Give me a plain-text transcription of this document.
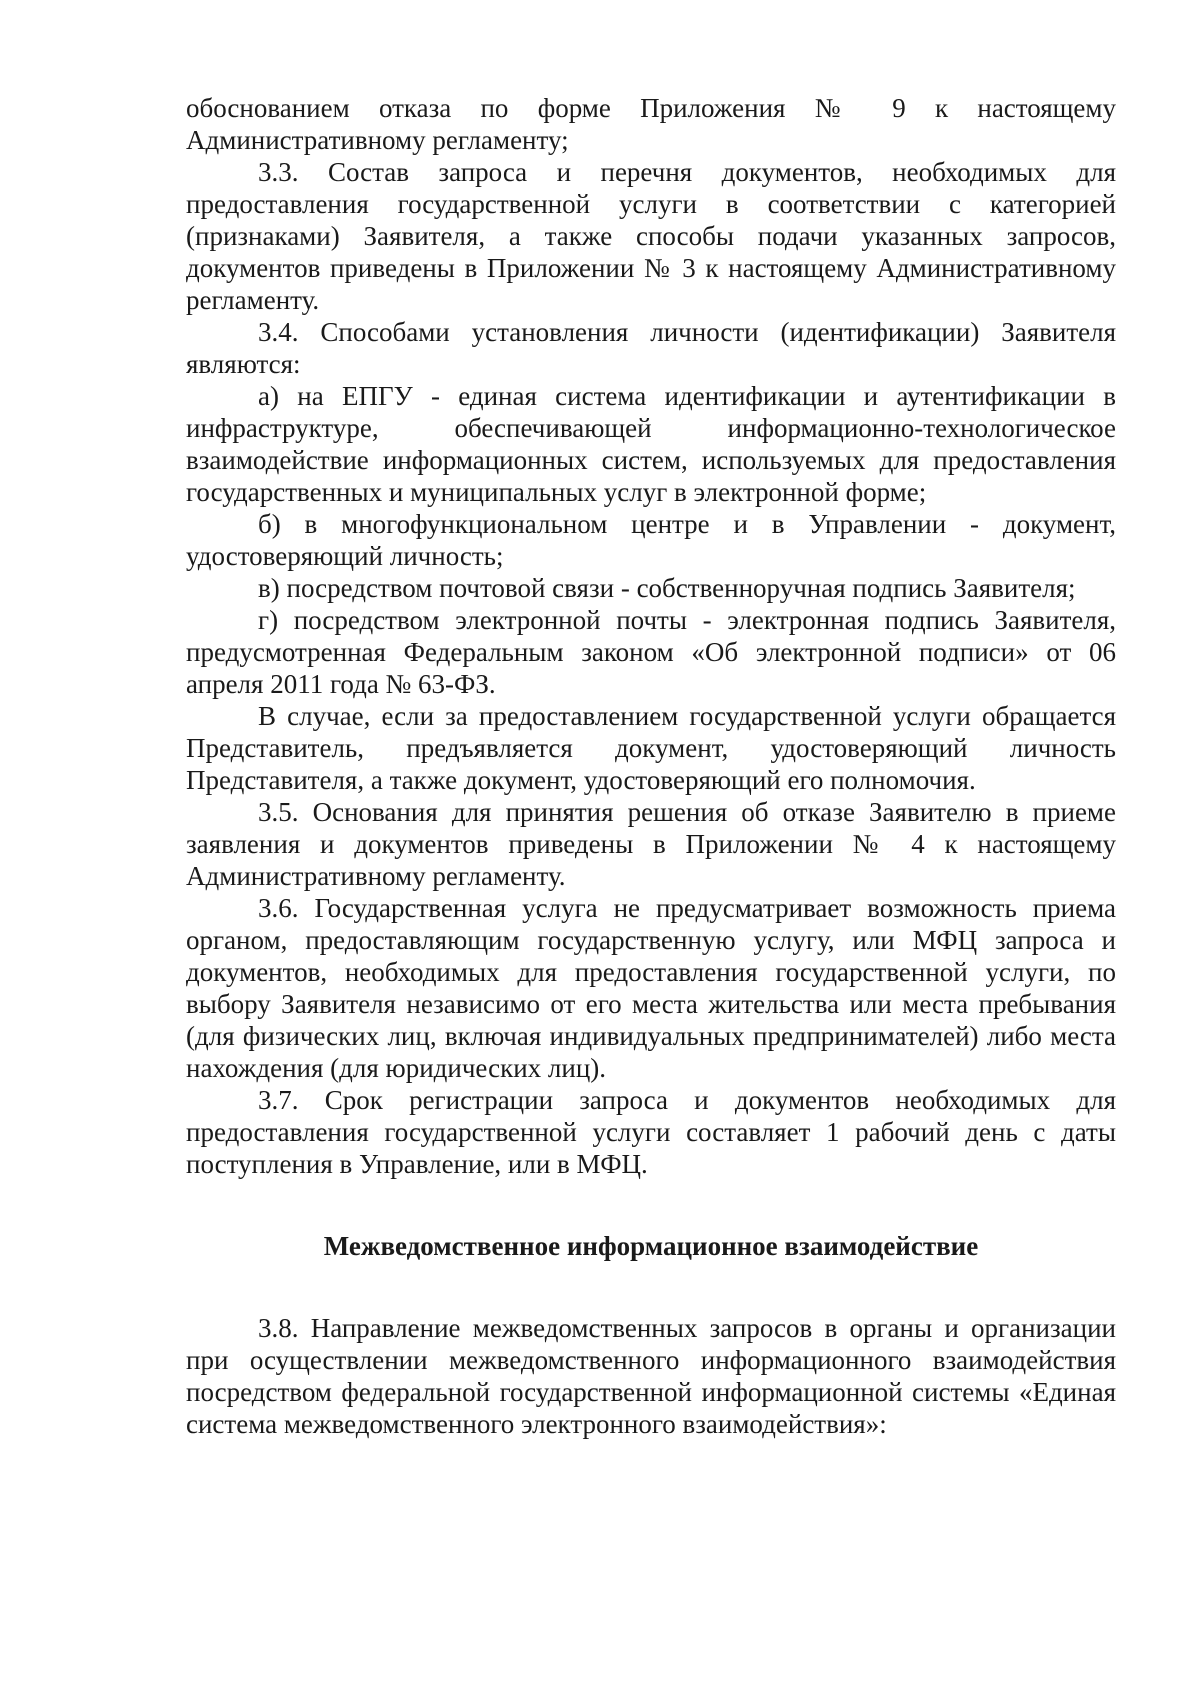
обоснованием отказа по форме Приложения № 9 к настоящему Административному регламенту;

3.3. Состав запроса и перечня документов, необходимых для предоставления государственной услуги в соответствии с категорией (признаками) Заявителя, а также способы подачи указанных запросов, документов приведены в Приложении № 3 к настоящему Административному регламенту.

3.4. Способами установления личности (идентификации) Заявителя являются:

а) на ЕПГУ - единая система идентификации и аутентификации в инфраструктуре, обеспечивающей информационно-технологическое взаимодействие информационных систем, используемых для предоставления государственных и муниципальных услуг в электронной форме;

б) в многофункциональном центре и в Управлении - документ, удостоверяющий личность;

в) посредством почтовой связи - собственноручная подпись Заявителя;

г) посредством электронной почты - электронная подпись Заявителя, предусмотренная Федеральным законом «Об электронной подписи» от 06 апреля 2011 года № 63-ФЗ.

В случае, если за предоставлением государственной услуги обращается Представитель, предъявляется документ, удостоверяющий личность Представителя, а также документ, удостоверяющий его полномочия.

3.5. Основания для принятия решения об отказе Заявителю в приеме заявления и документов приведены в Приложении № 4 к настоящему Административному регламенту.

3.6. Государственная услуга не предусматривает возможность приема органом, предоставляющим государственную услугу, или МФЦ запроса и документов, необходимых для предоставления государственной услуги, по выбору Заявителя независимо от его места жительства или места пребывания (для физических лиц, включая индивидуальных предпринимателей) либо места нахождения (для юридических лиц).

3.7. Срок регистрации запроса и документов необходимых для предоставления государственной услуги составляет 1 рабочий день с даты поступления в Управление, или в МФЦ.

Межведомственное информационное взаимодействие

3.8. Направление межведомственных запросов в органы и организации при осуществлении межведомственного информационного взаимодействия посредством федеральной государственной информационной системы «Единая система межведомственного электронного взаимодействия»:
